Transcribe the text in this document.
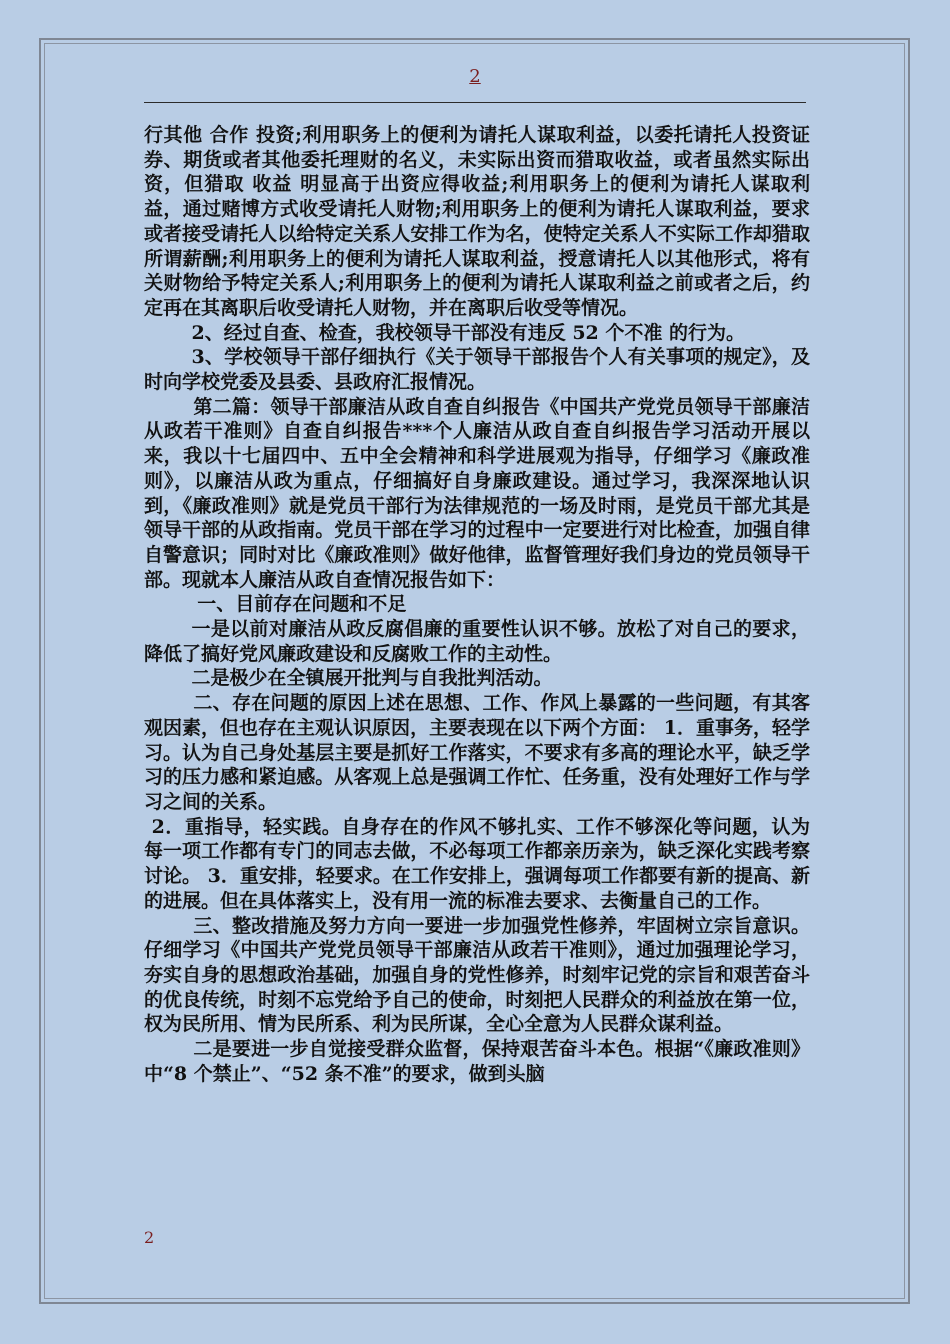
2

行其他 合作 投资;利用职务上的便利为请托人谋取利益，以委托请托人投资证券、期货或者其他委托理财的名义，未实际出资而猎取收益，或者虽然实际出资，但猎取 收益 明显高于出资应得收益;利用职务上的便利为请托人谋取利益，通过赌博方式收受请托人财物;利用职务上的便利为请托人谋取利益，要求或者接受请托人以给特定关系人安排工作为名，使特定关系人不实际工作却猎取所谓薪酬;利用职务上的便利为请托人谋取利益，授意请托人以其他形式，将有关财物给予特定关系人;利用职务上的便利为请托人谋取利益之前或者之后，约定再在其离职后收受请托人财物，并在离职后收受等情况。

2、经过自查、检查，我校领导干部没有违反 52 个不准 的行为。

3、学校领导干部仔细执行《关于领导干部报告个人有关事项的规定》，及时向学校党委及县委、县政府汇报情况。

第二篇：领导干部廉洁从政自查自纠报告《中国共产党党员领导干部廉洁从政若干准则》自查自纠报告***个人廉洁从政自查自纠报告学习活动开展以来，我以十七届四中、五中全会精神和科学进展观为指导，仔细学习《廉政准则》，以廉洁从政为重点，仔细搞好自身廉政建设。通过学习，我深深地认识到，《廉政准则》就是党员干部行为法律规范的一场及时雨，是党员干部尤其是领导干部的从政指南。党员干部在学习的过程中一定要进行对比检查，加强自律自警意识；同时对比《廉政准则》做好他律，监督管理好我们身边的党员领导干部。现就本人廉洁从政自查情况报告如下：

一、目前存在问题和不足

一是以前对廉洁从政反腐倡廉的重要性认识不够。放松了对自己的要求，降低了搞好党风廉政建设和反腐败工作的主动性。

二是极少在全镇展开批判与自我批判活动。

二、存在问题的原因上述在思想、工作、作风上暴露的一些问题，有其客观因素，但也存在主观认识原因，主要表现在以下两个方面： 1．重事务，轻学习。认为自己身处基层主要是抓好工作落实，不要求有多高的理论水平，缺乏学习的压力感和紧迫感。从客观上总是强调工作忙、任务重，没有处理好工作与学习之间的关系。

2．重指导，轻实践。自身存在的作风不够扎实、工作不够深化等问题，认为每一项工作都有专门的同志去做，不必每项工作都亲历亲为，缺乏深化实践考察讨论。 3．重安排，轻要求。在工作安排上，强调每项工作都要有新的提高、新的进展。但在具体落实上，没有用一流的标准去要求、去衡量自己的工作。

三、整改措施及努力方向一要进一步加强党性修养，牢固树立宗旨意识。仔细学习《中国共产党党员领导干部廉洁从政若干准则》，通过加强理论学习，夯实自身的思想政治基础，加强自身的党性修养，时刻牢记党的宗旨和艰苦奋斗的优良传统，时刻不忘党给予自己的使命，时刻把人民群众的利益放在第一位，权为民所用、情为民所系、利为民所谋，全心全意为人民群众谋利益。

二是要进一步自觉接受群众监督，保持艰苦奋斗本色。根据“《廉政准则》中“8 个禁止”、“52 条不准”的要求，做到头脑

2
